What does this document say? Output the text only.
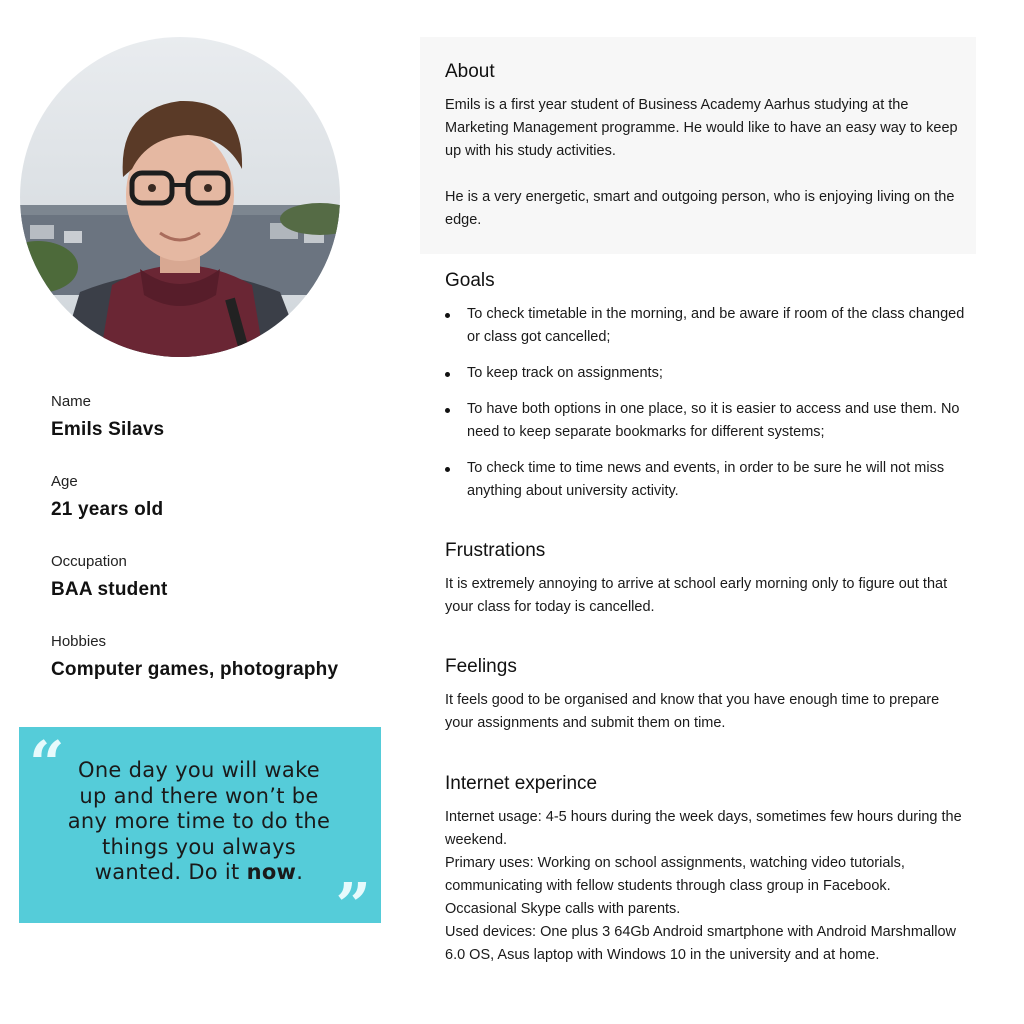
Name
Emils Silavs
Age
21 years old
Occupation
BAA student
Hobbies
Computer games, photography
“ One day you will wake up and there won’t be any more time to do the things you always wanted. Do it now. ”
About

Emils is a first year student of Business Academy Aarhus studying at the Marketing Management programme. He would like to have an easy way to keep up with his study activities.

He is a very energetic, smart and outgoing person, who is enjoying living on the edge.

Goals
To check timetable in the morning, and be aware if room of the class changed or class got cancelled;
To keep track on assignments;
To have both options in one place, so it is easier to access and use them. No need to keep separate bookmarks for different systems;
To check time to time news and events, in order to be sure he will not miss anything about university activity.
Frustrations

It is extremely annoying to arrive at school early morning only to figure out that your class for today is cancelled.

Feelings

It feels good to be organised and know that you have enough time to prepare your assignments and submit them on time.

Internet experince

Internet usage: 4-5 hours during the week days, sometimes few hours during the weekend.

Primary uses: Working on school assignments, watching video tutorials, communicating with fellow students through class group in Facebook. Occasional Skype calls with parents.

Used devices: One plus 3 64Gb Android smartphone with Android Marshmallow 6.0 OS, Asus laptop with Windows 10 in the university and at home.
